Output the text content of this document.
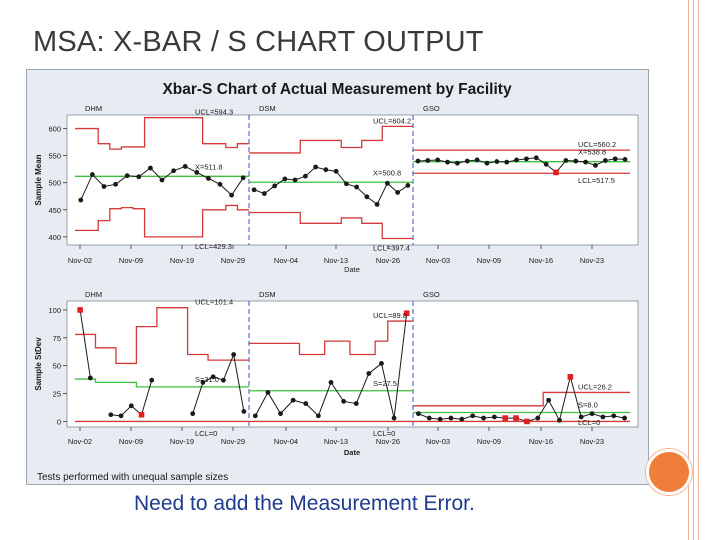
MSA: X-BAR / S CHART OUTPUT
Xbar-S Chart of Actual Measurement by Facility
Tests performed with unequal sample sizes
400
450
500
550
600
Nov-02	Nov-09	Nov-19	Nov-29	Nov-04	Nov-13	Nov-26	Nov-03	Nov-09	Nov-16	Nov-23
Date
Sample Mean
DHM	UCL=594.3
X=511.8
LCL=429.3
DSM
UCL=604.2
X=500.8
LCL=397.4
GSO
UCL=560.2
X=538.8
LCL=517.5
0
25
50
75
100
Nov-02	Nov-09	Nov-19	Nov-29	Nov-04	Nov-13	Nov-26	Nov-03	Nov-09	Nov-16	Nov-23
Date
Sample StDev
DHM
UCL=101.4
S=31.0
LCL=0
DSM
UCL=89.8
S=27.5
LCL=0
GSO
UCL=26.2
S=8.0
LCL=0
Need to add the Measurement Error.
